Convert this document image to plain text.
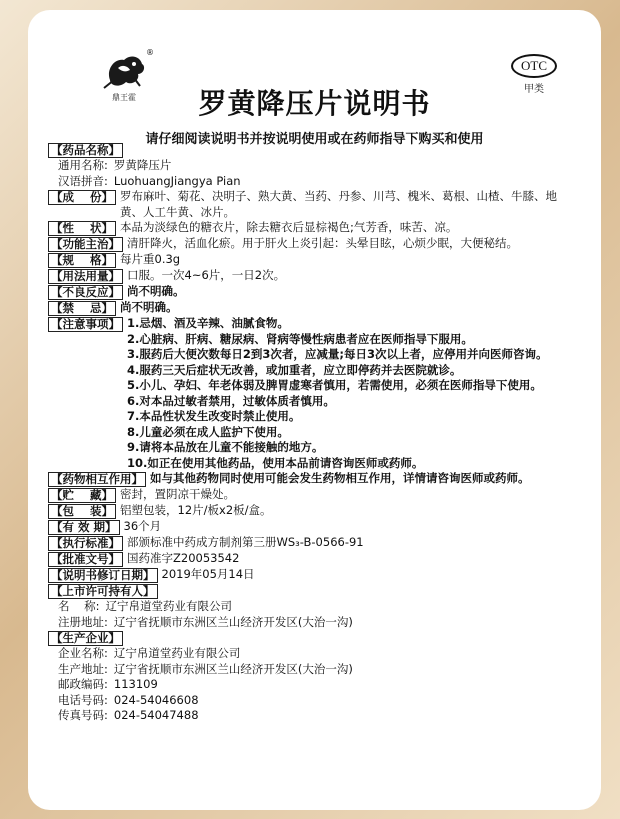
鼎王霍
®
OTC
甲类
罗黄降压片说明书
请仔细阅读说明书并按说明使用或在药师指导下购买和使用
【药品名称】
通用名称: 罗黄降压片
汉语拼音: LuohuangJiangya Pian
【成    份】 罗布麻叶、菊花、决明子、熟大黄、当药、丹参、川芎、槐米、葛根、山楂、牛膝、地黄、人工牛黄、冰片。
【性    状】 本品为淡绿色的糖衣片，除去糖衣后显棕褐色;气芳香，味苦、凉。
【功能主治】 清肝降火，活血化瘀。用于肝火上炎引起：头晕目眩，心烦少眠，大便秘结。
【规    格】 每片重0.3g
【用法用量】 口服。一次4~6片，一日2次。
【不良反应】 尚不明确。
【禁    忌】 尚不明确。
【注意事项】 1. 忌烟、酒及辛辣、油腻食物。
2. 心脏病、肝病、糖尿病、肾病等慢性病患者应在医师指导下服用。
3. 服药后大便次数每日2到3次者，应减量;每日3次以上者，应停用并向医师咨询。
4. 服药三天后症状无改善，或加重者，应立即停药并去医院就诊。
5. 小儿、孕妇、年老体弱及脾胃虚寒者慎用，若需使用，必须在医师指导下使用。
6. 对本品过敏者禁用，过敏体质者慎用。
7. 本品性状发生改变时禁止使用。
8. 儿童必须在成人监护下使用。
9. 请将本品放在儿童不能接触的地方。
10. 如正在使用其他药品，使用本品前请咨询医师或药师。
【药物相互作用】 如与其他药物同时使用可能会发生药物相互作用，详情请咨询医师或药师。
【贮    藏】 密封，置阴凉干燥处。
【包    装】 铝塑包装，12片/板x2板/盒。
【有 效 期】 36个月
【执行标准】 部颁标准中药成方制剂第三册WS₃-B-0566-91
【批准文号】 国药准字Z20053542
【说明书修订日期】 2019年05月14日
【上市许可持有人】
名    称: 辽宁帛道堂药业有限公司
注册地址: 辽宁省抚顺市东洲区兰山经济开发区(大治一沟)
【生产企业】
企业名称: 辽宁帛道堂药业有限公司
生产地址: 辽宁省抚顺市东洲区兰山经济开发区(大治一沟)
邮政编码: 113109
电话号码: 024-54046608
传真号码: 024-54047488
